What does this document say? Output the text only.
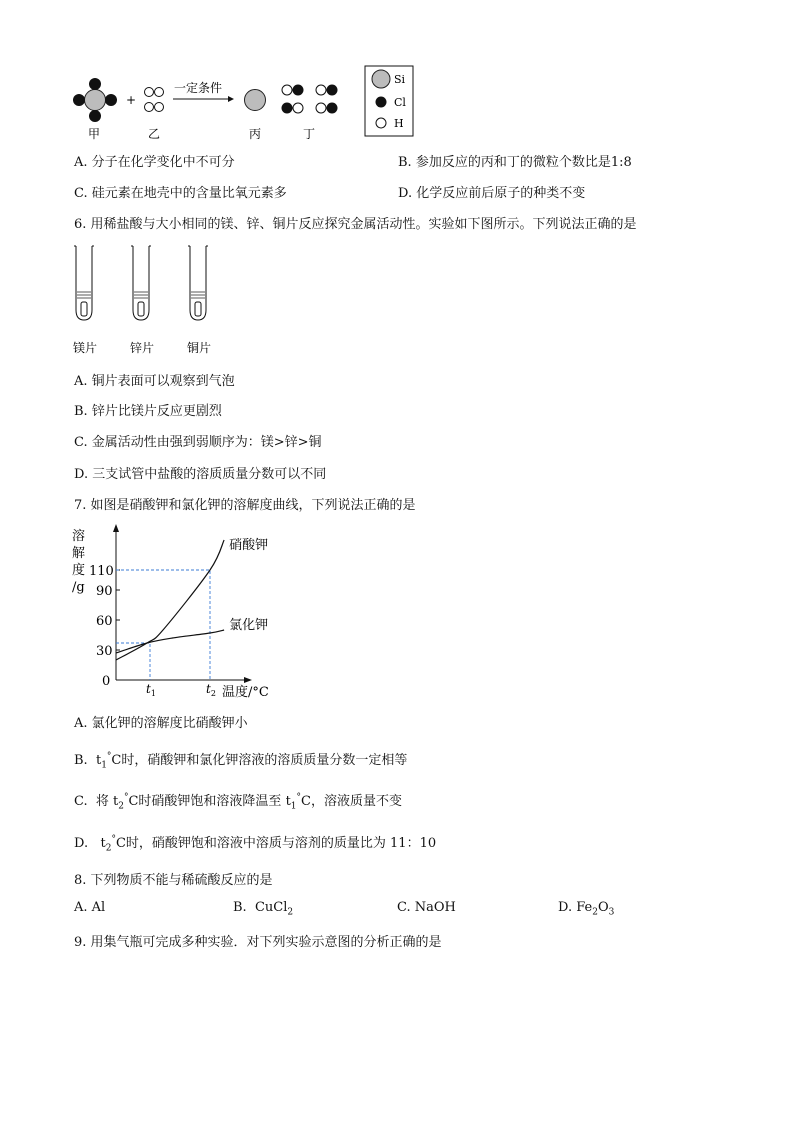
甲
+
乙
一定条件
丙	丁
Si
Cl
H
A. 分子在化学变化中不可分	B. 参加反应的丙和丁的微粒个数比是1:8
C. 硅元素在地壳中的含量比氧元素多	D. 化学反应前后原子的种类不变
6. 用稀盐酸与大小相同的镁、锌、铜片反应探究金属活动性。实验如下图所示。下列说法正确的是
镁片	锌片	铜片
A. 铜片表面可以观察到气泡
B. 锌片比镁片反应更剧烈
C. 金属活动性由强到弱顺序为：镁>锌>铜
D. 三支试管中盐酸的溶质质量分数可以不同
7. 如图是硝酸钾和氯化钾的溶解度曲线，下列说法正确的是
0
30
60
90
110
溶
解
度
/g
$t_1$	$t_2$ 温度/°C
硝酸钾
氯化钾
A. 氯化钾的溶解度比硝酸钾小
B.  $t_1^\circ C$时，硝酸钾和氯化钾溶液的溶质质量分数一定相等
C.  将 $t_2^\circ C$时硝酸钾饱和溶液降温至 $t_1^\circ C$，溶液质量不变
D.   $t_2^\circ C$时，硝酸钾饱和溶液中溶质与溶剂的质量比为 11：10
8. 下列物质不能与稀硫酸反应的是
A. Al	B.  CuCl$_2$	C. NaOH	D. $Fe_2O_3$
9. 用集气瓶可完成多种实验．对下列实验示意图的分析正确的是
